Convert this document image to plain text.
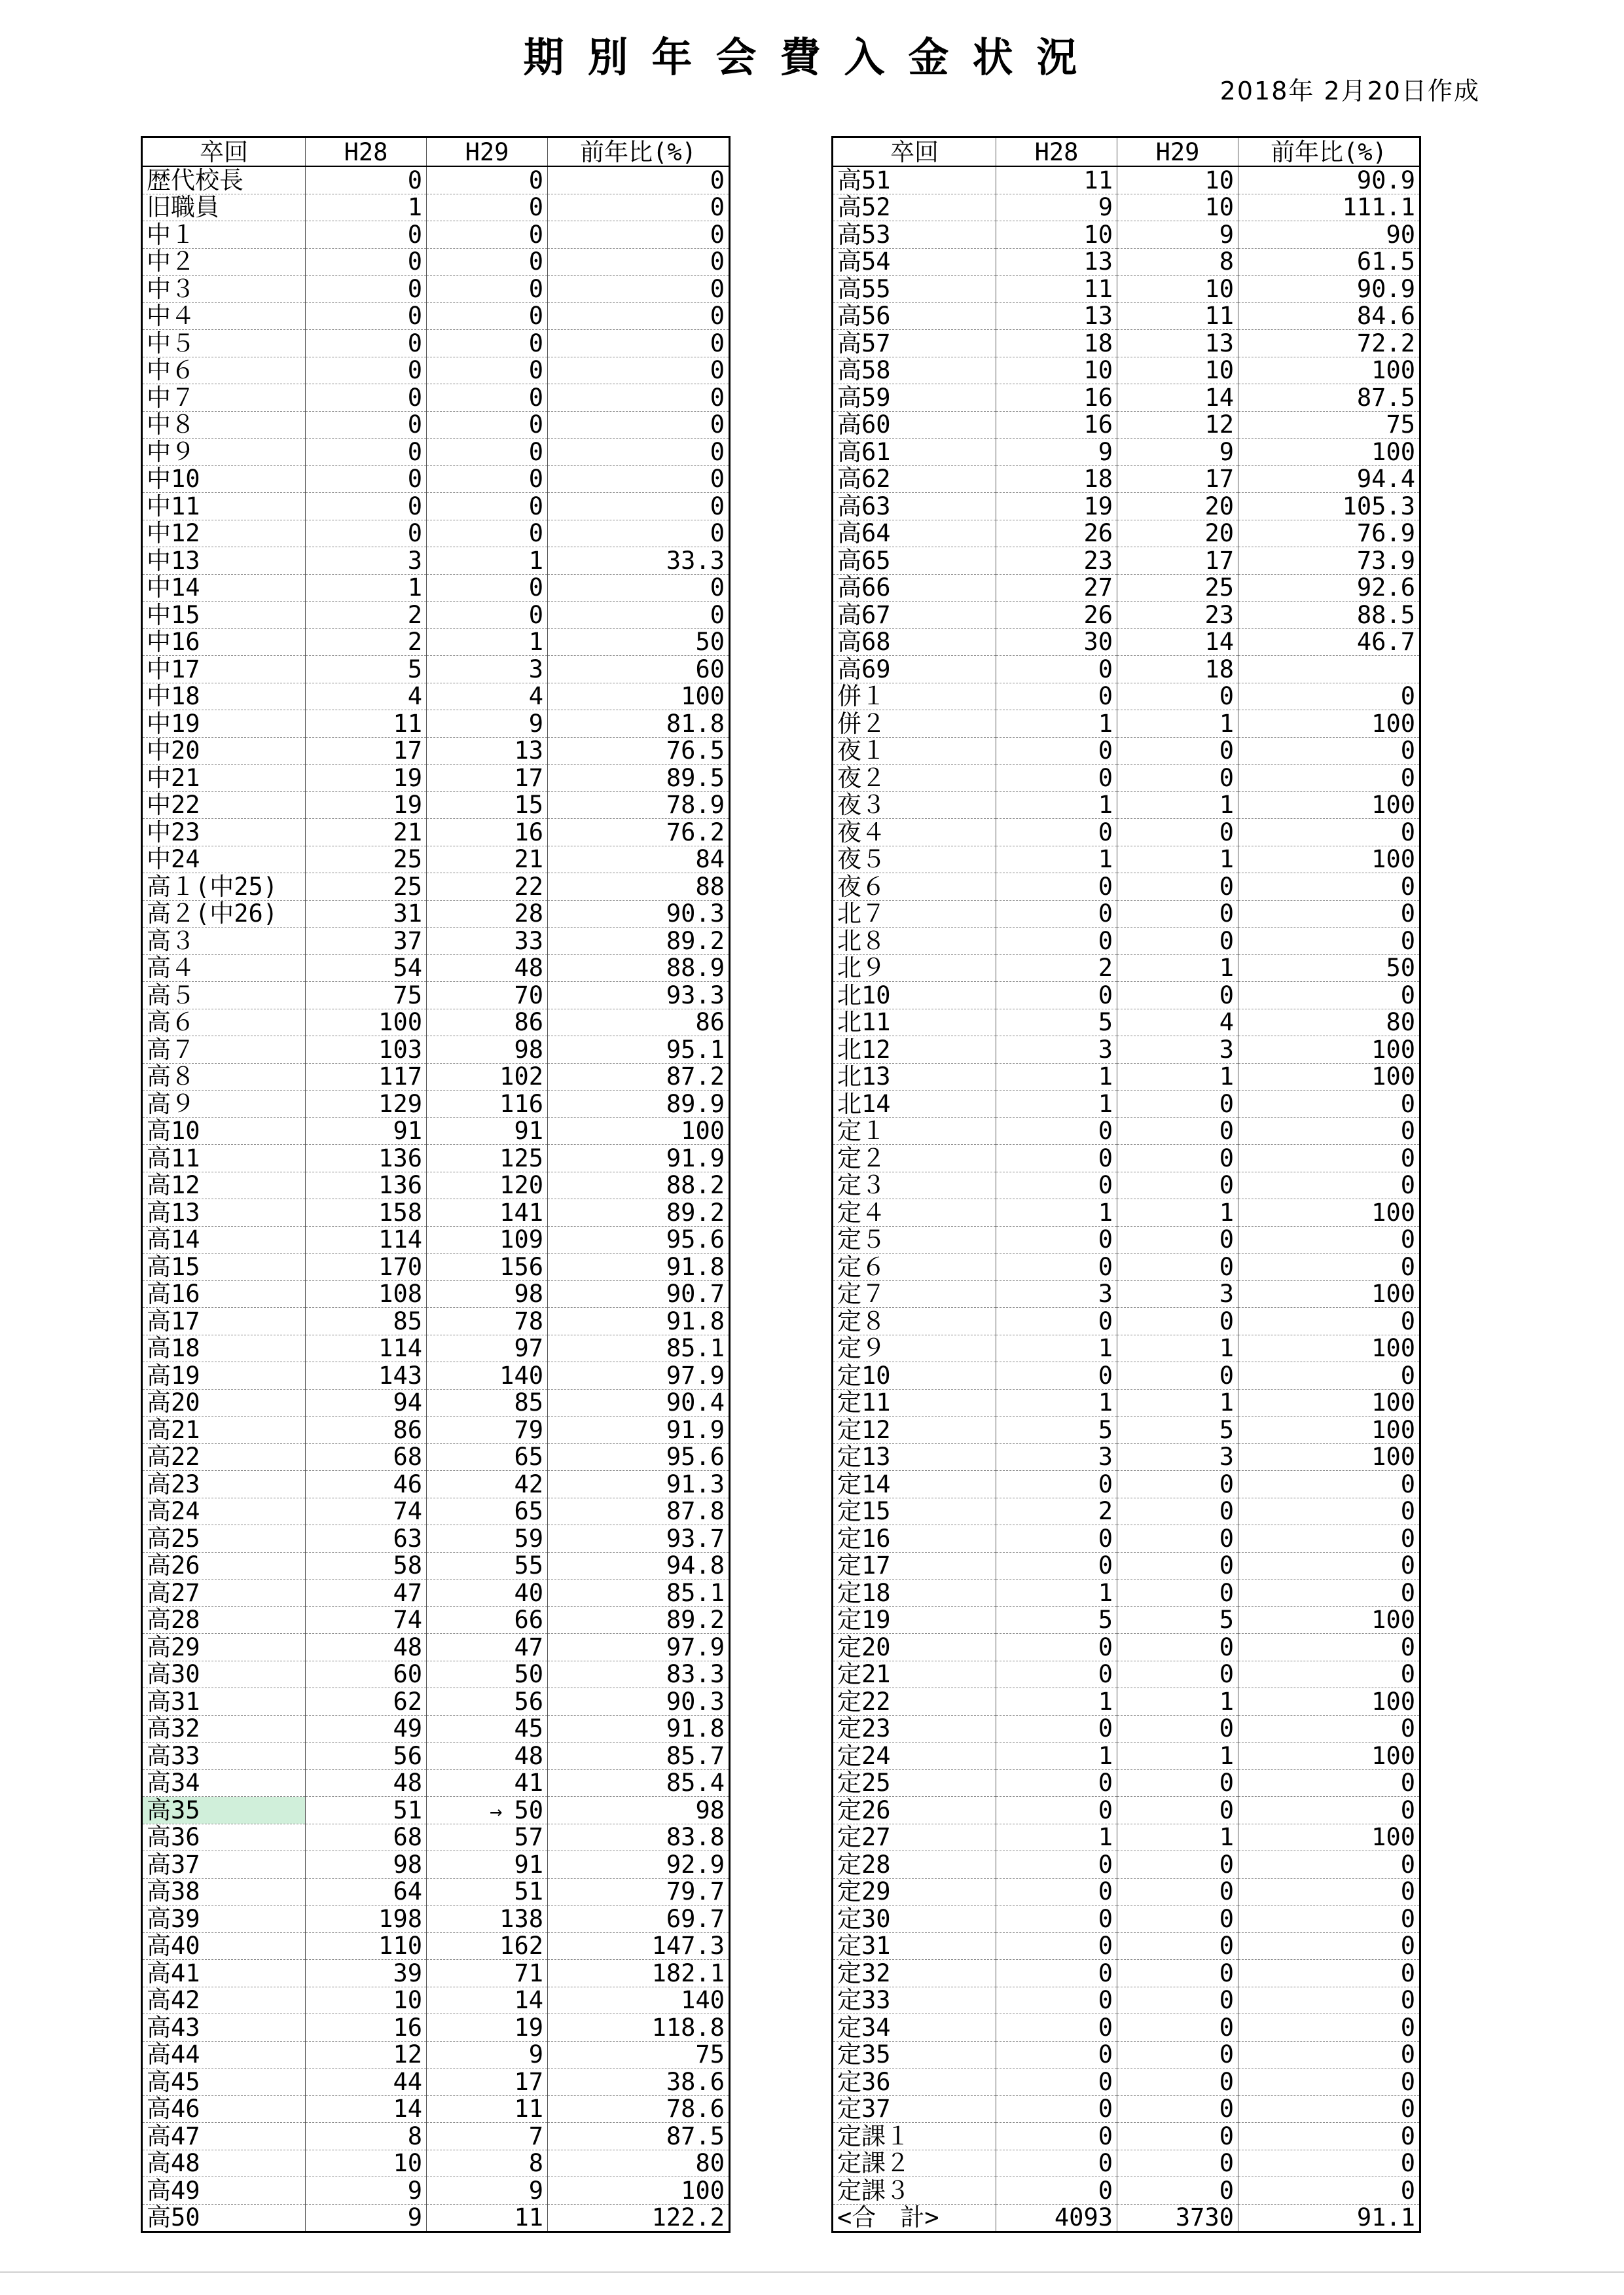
期別年会費入金状況
2018年 2月20日作成
卒回	H28	H29	前年比(%)
歴代校長	0	0	0
旧職員	1	0	0
中１	0	0	0
中２	0	0	0
中３	0	0	0
中４	0	0	0
中５	0	0	0
中６	0	0	0
中７	0	0	0
中８	0	0	0
中９	0	0	0
中10	0	0	0
中11	0	0	0
中12	0	0	0
中13	3	1	33.3
中14	1	0	0
中15	2	0	0
中16	2	1	50
中17	5	3	60
中18	4	4	100
中19	11	9	81.8
中20	17	13	76.5
中21	19	17	89.5
中22	19	15	78.9
中23	21	16	76.2
中24	25	21	84
高１(中25)	25	22	88
高２(中26)	31	28	90.3
高３	37	33	89.2
高４	54	48	88.9
高５	75	70	93.3
高６	100	86	86
高７	103	98	95.1
高８	117	102	87.2
高９	129	116	89.9
高10	91	91	100
高11	136	125	91.9
高12	136	120	88.2
高13	158	141	89.2
高14	114	109	95.6
高15	170	156	91.8
高16	108	98	90.7
高17	85	78	91.8
高18	114	97	85.1
高19	143	140	97.9
高20	94	85	90.4
高21	86	79	91.9
高22	68	65	95.6
高23	46	42	91.3
高24	74	65	87.8
高25	63	59	93.7
高26	58	55	94.8
高27	47	40	85.1
高28	74	66	89.2
高29	48	47	97.9
高30	60	50	83.3
高31	62	56	90.3
高32	49	45	91.8
高33	56	48	85.7
高34	48	41	85.4
高35	51	→ 50	98
高36	68	57	83.8
高37	98	91	92.9
高38	64	51	79.7
高39	198	138	69.7
高40	110	162	147.3
高41	39	71	182.1
高42	10	14	140
高43	16	19	118.8
高44	12	9	75
高45	44	17	38.6
高46	14	11	78.6
高47	8	7	87.5
高48	10	8	80
高49	9	9	100
高50	9	11	122.2
卒回	H28	H29	前年比(%)
高51	11	10	90.9
高52	9	10	111.1
高53	10	9	90
高54	13	8	61.5
高55	11	10	90.9
高56	13	11	84.6
高57	18	13	72.2
高58	10	10	100
高59	16	14	87.5
高60	16	12	75
高61	9	9	100
高62	18	17	94.4
高63	19	20	105.3
高64	26	20	76.9
高65	23	17	73.9
高66	27	25	92.6
高67	26	23	88.5
高68	30	14	46.7
高69	0	18	
併１	0	0	0
併２	1	1	100
夜１	0	0	0
夜２	0	0	0
夜３	1	1	100
夜４	0	0	0
夜５	1	1	100
夜６	0	0	0
北７	0	0	0
北８	0	0	0
北９	2	1	50
北10	0	0	0
北11	5	4	80
北12	3	3	100
北13	1	1	100
北14	1	0	0
定１	0	0	0
定２	0	0	0
定３	0	0	0
定４	1	1	100
定５	0	0	0
定６	0	0	0
定７	3	3	100
定８	0	0	0
定９	1	1	100
定10	0	0	0
定11	1	1	100
定12	5	5	100
定13	3	3	100
定14	0	0	0
定15	2	0	0
定16	0	0	0
定17	0	0	0
定18	1	0	0
定19	5	5	100
定20	0	0	0
定21	0	0	0
定22	1	1	100
定23	0	0	0
定24	1	1	100
定25	0	0	0
定26	0	0	0
定27	1	1	100
定28	0	0	0
定29	0	0	0
定30	0	0	0
定31	0	0	0
定32	0	0	0
定33	0	0	0
定34	0	0	0
定35	0	0	0
定36	0	0	0
定37	0	0	0
定課１	0	0	0
定課２	0	0	0
定課３	0	0	0
<合　計>	4093	3730	91.1
